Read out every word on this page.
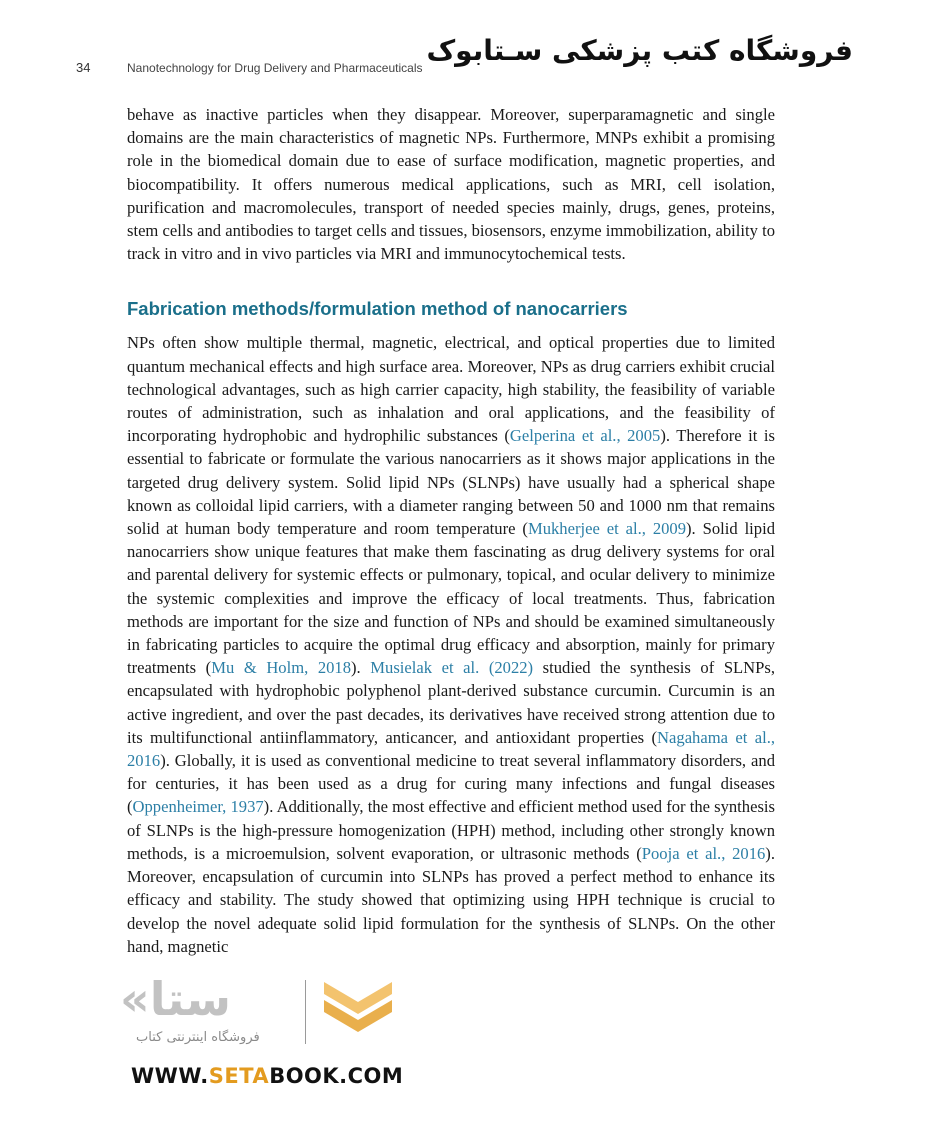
34	Nanotechnology for Drug Delivery and Pharmaceuticals
فروشگاه کتب پزشکی سـتابوک

behave as inactive particles when they disappear. Moreover, superparamagnetic and single domains are the main characteristics of magnetic NPs. Furthermore, MNPs exhibit a promising role in the biomedical domain due to ease of surface modification, magnetic properties, and biocompatibility. It offers numerous medical applications, such as MRI, cell isolation, purification and macromolecules, transport of needed species mainly, drugs, genes, proteins, stem cells and antibodies to target cells and tissues, biosensors, enzyme immobilization, ability to track in vitro and in vivo particles via MRI and immunocytochemical tests.

Fabrication methods/formulation method of nanocarriers

NPs often show multiple thermal, magnetic, electrical, and optical properties due to limited quantum mechanical effects and high surface area. Moreover, NPs as drug carriers exhibit crucial technological advantages, such as high carrier capacity, high stability, the feasibility of variable routes of administration, such as inhalation and oral applications, and the feasibility of incorporating hydrophobic and hydrophilic substances (Gelperina et al., 2005). Therefore it is essential to fabricate or formulate the various nanocarriers as it shows major applications in the targeted drug delivery system. Solid lipid NPs (SLNPs) have usually had a spherical shape known as colloidal lipid carriers, with a diameter ranging between 50 and 1000 nm that remains solid at human body temperature and room temperature (Mukherjee et al., 2009). Solid lipid nanocarriers show unique features that make them fascinating as drug delivery systems for oral and parental delivery for systemic effects or pulmonary, topical, and ocular delivery to minimize the systemic complexities and improve the efficacy of local treatments. Thus, fabrication methods are important for the size and function of NPs and should be examined simultaneously in fabricating particles to acquire the optimal drug efficacy and absorption, mainly for primary treatments (Mu & Holm, 2018). Musielak et al. (2022) studied the synthesis of SLNPs, encapsulated with hydrophobic polyphenol plant-derived substance curcumin. Curcumin is an active ingredient, and over the past decades, its derivatives have received strong attention due to its multifunctional antiinflammatory, anticancer, and antioxidant properties (Nagahama et al., 2016). Globally, it is used as conventional medicine to treat several inflammatory disorders, and for centuries, it has been used as a drug for curing many infections and fungal diseases (Oppenheimer, 1937). Additionally, the most effective and efficient method used for the synthesis of SLNPs is the high-pressure homogenization (HPH) method, including other strongly known methods, is a microemulsion, solvent evaporation, or ultrasonic methods (Pooja et al., 2016). Moreover, encapsulation of curcumin into SLNPs has proved a perfect method to enhance its efficacy and stability. The study showed that optimizing using HPH technique is crucial to develop the novel adequate solid lipid formulation for the synthesis of SLNPs. On the other hand, magnetic

«ستا
فروشگاه اینترنتی کتاب
WWW.SETABOOK.COM
